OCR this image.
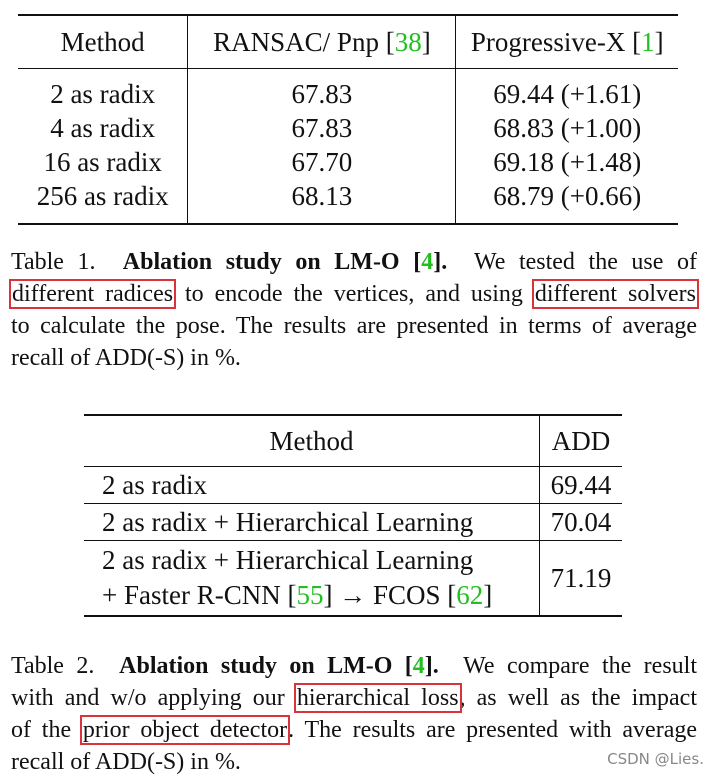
Method	RANSAC/ Pnp [38]	Progressive-X [1]
2 as radix	67.83	69.44 (+1.61)
4 as radix	67.83	68.83 (+1.00)
16 as radix	67.70	69.18 (+1.48)
256 as radix	68.13	68.79 (+0.66)
Table 1. Ablation study on LM-O [4]. We tested the use of
different radices to encode the vertices, and using different solvers
to calculate the pose. The results are presented in terms of average
recall of ADD(-S) in %.
Method	ADD
2 as radix	69.44
2 as radix + Hierarchical Learning	70.04
2 as radix + Hierarchical Learning
+ Faster R-CNN [55] → FCOS [62]	71.19
Table 2. Ablation study on LM-O [4]. We compare the result
with and w/o applying our hierarchical loss, as well as the impact
of the prior object detector. The results are presented with average
recall of ADD(-S) in %.	CSDN @Lies.
